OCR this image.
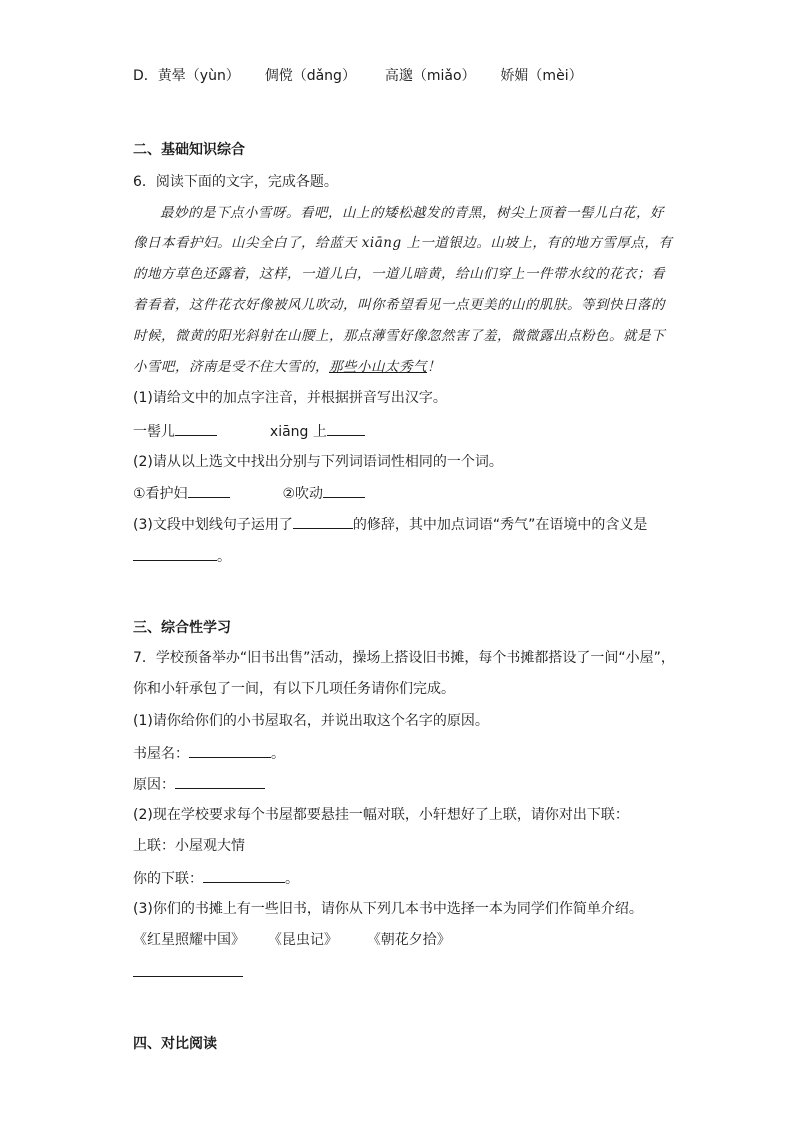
D．黄晕（yùn） 倜傥（dǎng） 高邈（miǎo） 娇媚（mèi）
二、基础知识综合
6．阅读下面的文字，完成各题。
最妙的是下点小雪呀。看吧，山上的矮松越发的青黑，树尖上顶着一髻儿白花，好
像日本看护妇。山尖全白了，给蓝天 xiāng 上一道银边。山坡上，有的地方雪厚点，有
的地方草色还露着，这样，一道儿白，一道儿暗黄，给山们穿上一件带水纹的花衣；看
着看着，这件花衣好像被风儿吹动，叫你希望看见一点更美的山的肌肤。等到快日落的
时候，微黄的阳光斜射在山腰上，那点薄雪好像忽然害了羞，微微露出点粉色。就是下
小雪吧，济南是受不住大雪的，那些小山太秀气！
(1)请给文中的加点字注音，并根据拼音写出汉字。
一髻儿	xiāng 上
(2)请从以上选文中找出分别与下列词语词性相同的一个词。
①看护妇	②吹动
(3)文段中划线句子运用了	的修辞，其中加点词语“秀气”在语境中的含义是
。
三、综合性学习
7．学校预备举办“旧书出售”活动，操场上搭设旧书摊，每个书摊都搭设了一间“小屋”，
你和小轩承包了一间，有以下几项任务请你们完成。
(1)请你给你们的小书屋取名，并说出取这个名字的原因。
书屋名：	。
原因：
(2)现在学校要求每个书屋都要悬挂一幅对联，小轩想好了上联，请你对出下联：
上联：小屋观大情
你的下联：	。
(3)你们的书摊上有一些旧书，请你从下列几本书中选择一本为同学们作简单介绍。
《红星照耀中国》 《昆虫记》 《朝花夕拾》
四、对比阅读
